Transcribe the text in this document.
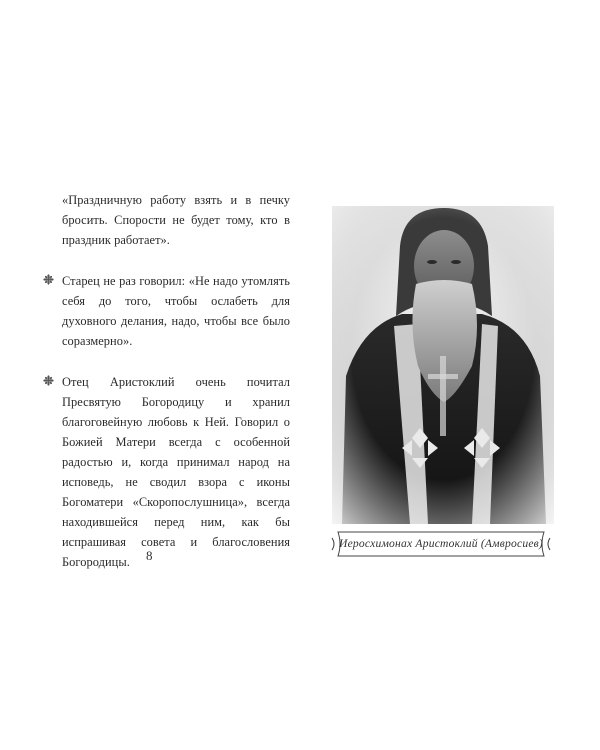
«Праздничную работу взять и в печку бросить. Спорости не будет тому, кто в праздник работает».

Старец не раз говорил: «Не надо утомлять себя до того, чтобы ослабеть для духовного делания, надо, чтобы все было соразмерно».

Отец Аристоклий очень почитал Пресвятую Богородицу и хранил благоговейную любовь к Ней. Говорил о Божией Матери всегда с особенной радостью и, когда принимал народ на исповедь, не сводил взора с иконы Богоматери «Скоропослушница», всегда находившейся перед ним, как бы испрашивая совета и благословения Богородицы.	8
Иеросхимонах Аристоклий (Амвросиев)
